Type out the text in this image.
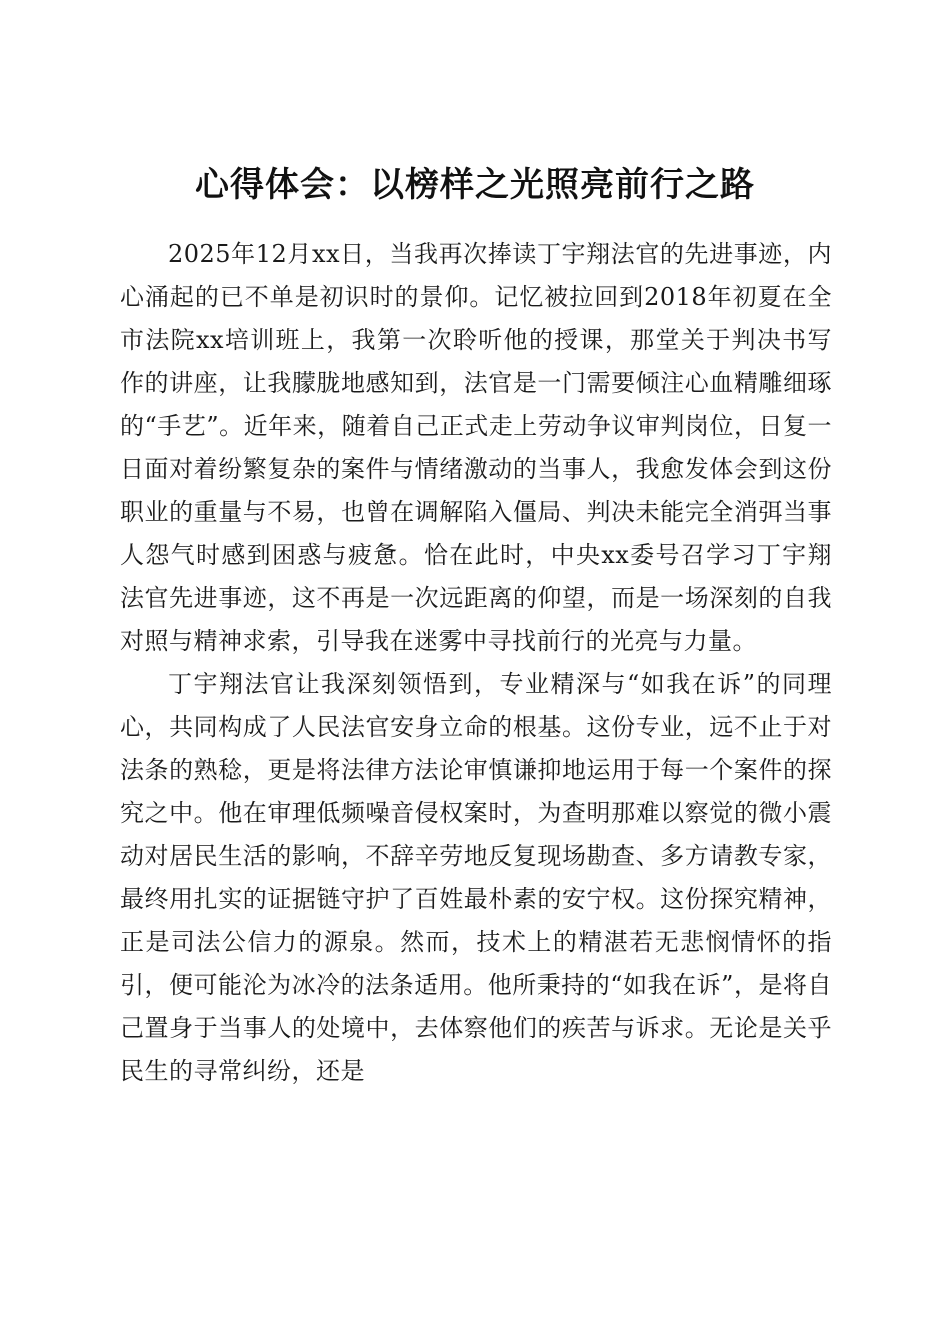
心得体会：以榜样之光照亮前行之路

2025年12月xx日，当我再次捧读丁宇翔法官的先进事迹，内心涌起的已不单是初识时的景仰。记忆被拉回到2018年初夏在全市法院xx培训班上，我第一次聆听他的授课，那堂关于判决书写作的讲座，让我朦胧地感知到，法官是一门需要倾注心血精雕细琢的“手艺”。近年来，随着自己正式走上劳动争议审判岗位，日复一日面对着纷繁复杂的案件与情绪激动的当事人，我愈发体会到这份职业的重量与不易，也曾在调解陷入僵局、判决未能完全消弭当事人怨气时感到困惑与疲惫。恰在此时，中央xx委号召学习丁宇翔法官先进事迹，这不再是一次远距离的仰望，而是一场深刻的自我对照与精神求索，引导我在迷雾中寻找前行的光亮与力量。

丁宇翔法官让我深刻领悟到，专业精深与“如我在诉”的同理心，共同构成了人民法官安身立命的根基。这份专业，远不止于对法条的熟稔，更是将法律方法论审慎谦抑地运用于每一个案件的探究之中。他在审理低频噪音侵权案时，为查明那难以察觉的微小震动对居民生活的影响，不辞辛劳地反复现场勘查、多方请教专家，最终用扎实的证据链守护了百姓最朴素的安宁权。这份探究精神，正是司法公信力的源泉。然而，技术上的精湛若无悲悯情怀的指引，便可能沦为冰冷的法条适用。他所秉持的“如我在诉”，是将自己置身于当事人的处境中，去体察他们的疾苦与诉求。无论是关乎民生的寻常纠纷，还是
